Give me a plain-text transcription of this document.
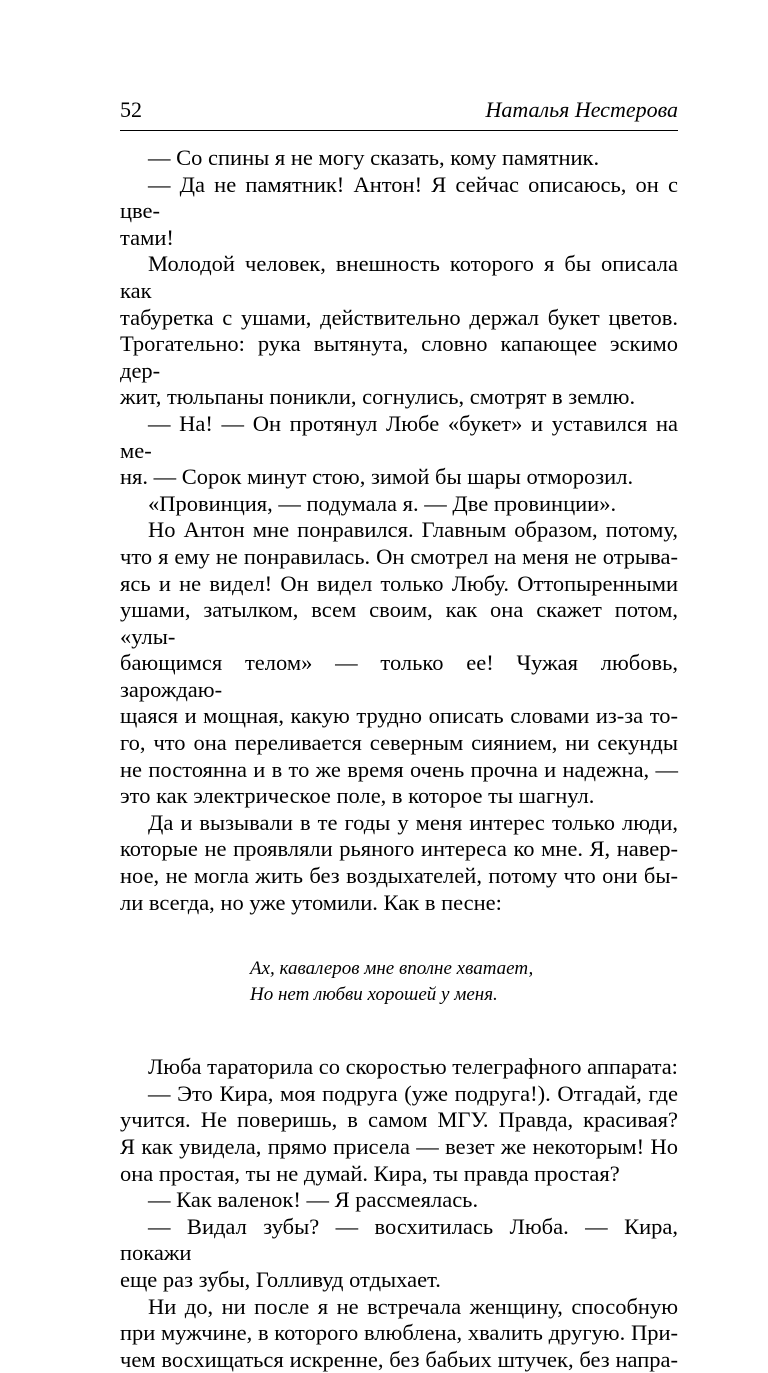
52	Наталья Нестерова

— Со спины я не могу сказать, кому памятник.

— Да не памятник! Антон! Я сейчас описаюсь, он с цве-

тами!

Молодой человек, внешность которого я бы описала как

табуретка с ушами, действительно держал букет цветов.

Трогательно: рука вытянута, словно капающее эскимо дер-

жит, тюльпаны поникли, согнулись, смотрят в землю.

— На! — Он протянул Любе «букет» и уставился на ме-

ня. — Сорок минут стою, зимой бы шары отморозил.

«Провинция, — подумала я. — Две провинции».

Но Антон мне понравился. Главным образом, потому,

что я ему не понравилась. Он смотрел на меня не отрыва-

ясь и не видел! Он видел только Любу. Оттопыренными

ушами, затылком, всем своим, как она скажет потом, «улы-

бающимся телом» — только ее! Чужая любовь, зарождаю-

щаяся и мощная, какую трудно описать словами из-за то-

го, что она переливается северным сиянием, ни секунды

не постоянна и в то же время очень прочна и надежна, —

это как электрическое поле, в которое ты шагнул.

Да и вызывали в те годы у меня интерес только люди,

которые не проявляли рьяного интереса ко мне. Я, навер-

ное, не могла жить без воздыхателей, потому что они бы-

ли всегда, но уже утомили. Как в песне:

Ах, кавалеров мне вполне хватает,
Но нет любви хорошей у меня.

Люба тараторила со скоростью телеграфного аппарата:

— Это Кира, моя подруга (уже подруга!). Отгадай, где

учится. Не поверишь, в самом МГУ. Правда, красивая?

Я как увидела, прямо присела — везет же некоторым! Но

она простая, ты не думай. Кира, ты правда простая?

— Как валенок! — Я рассмеялась.

— Видал зубы? — восхитилась Люба. — Кира, покажи

еще раз зубы, Голливуд отдыхает.

Ни до, ни после я не встречала женщину, способную

при мужчине, в которого влюблена, хвалить другую. При-

чем восхищаться искренне, без бабьих штучек, без напра-
